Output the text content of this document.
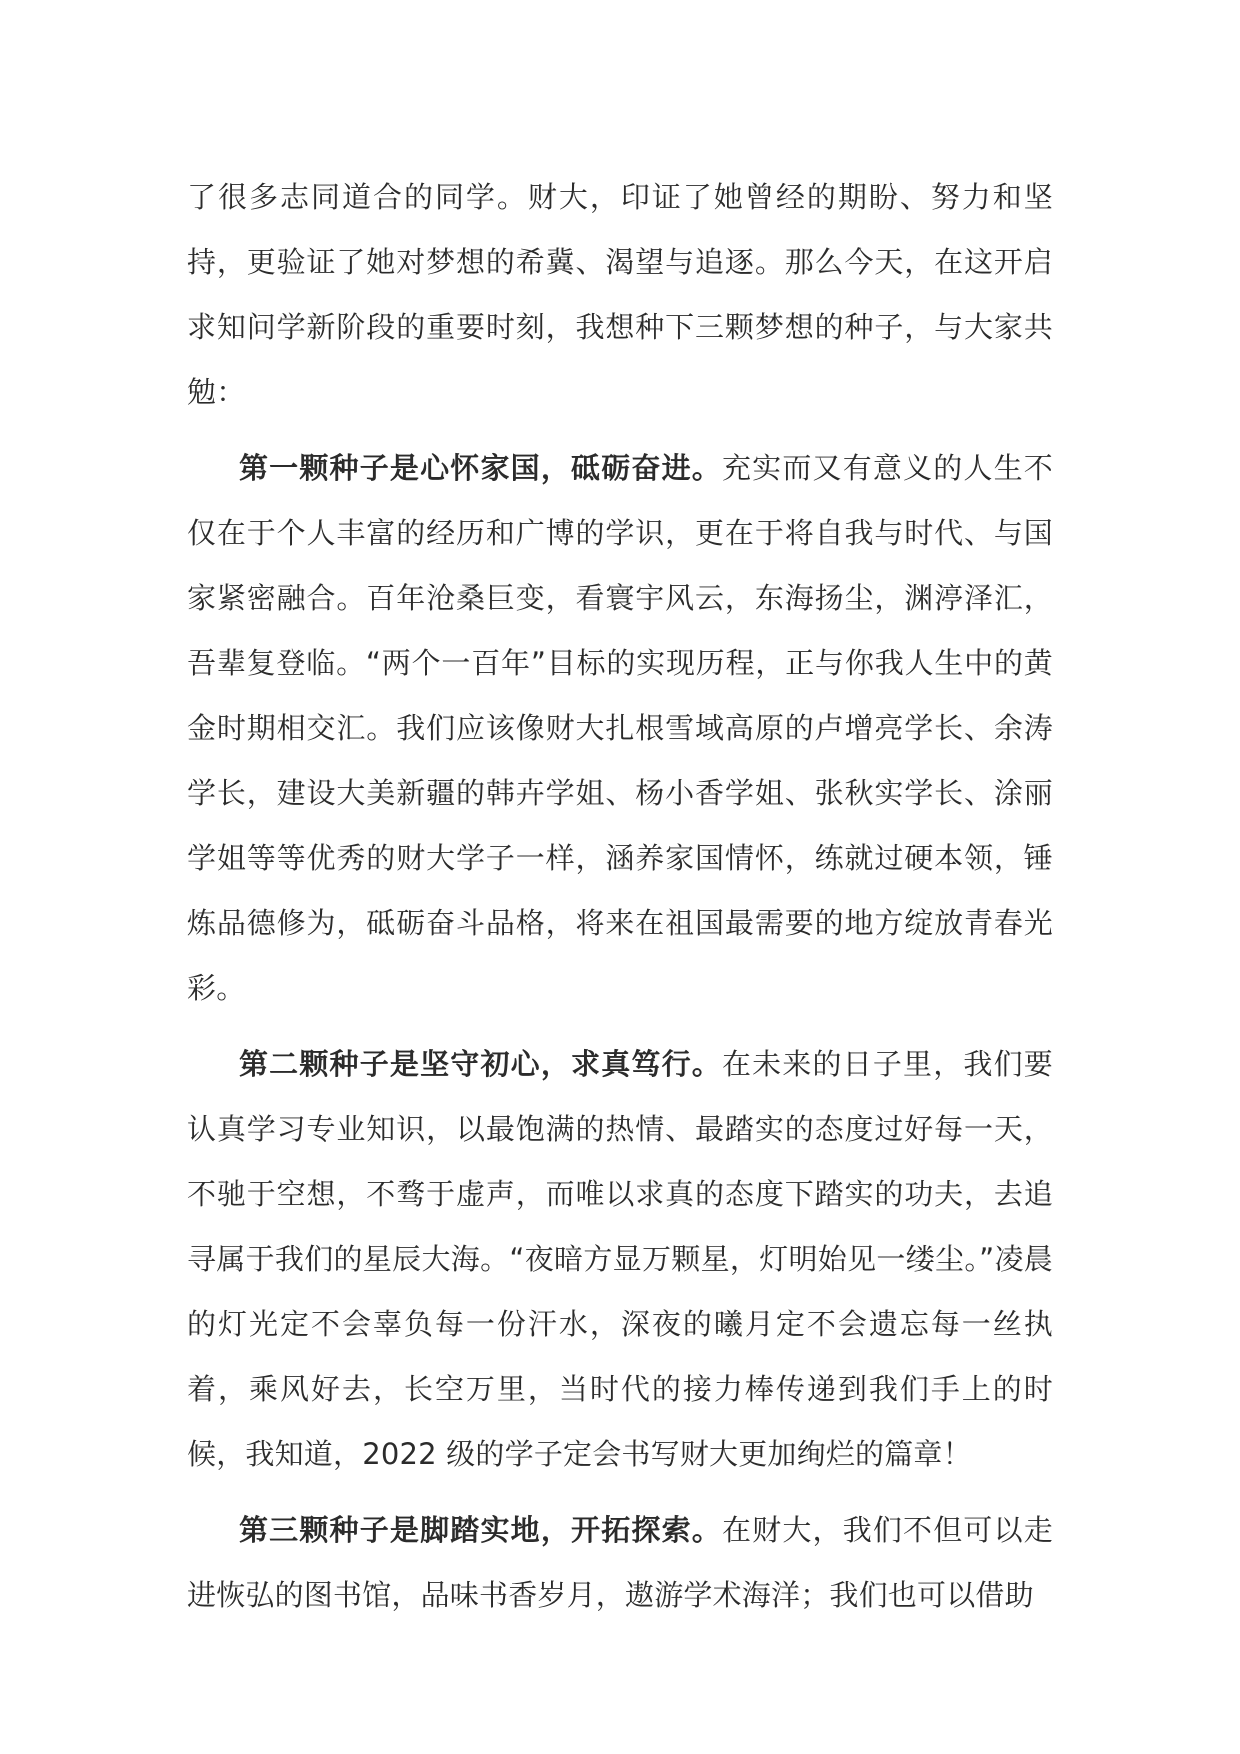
了很多志同道合的同学。财大，印证了她曾经的期盼、努力和坚持，更验证了她对梦想的希冀、渴望与追逐。那么今天，在这开启求知问学新阶段的重要时刻，我想种下三颗梦想的种子，与大家共勉：

第一颗种子是心怀家国，砥砺奋进。充实而又有意义的人生不仅在于个人丰富的经历和广博的学识，更在于将自我与时代、与国家紧密融合。百年沧桑巨变，看寰宇风云，东海扬尘，渊渟泽汇，吾辈复登临。“两个一百年”目标的实现历程，正与你我人生中的黄金时期相交汇。我们应该像财大扎根雪域高原的卢增亮学长、余涛学长，建设大美新疆的韩卉学姐、杨小香学姐、张秋实学长、涂丽学姐等等优秀的财大学子一样，涵养家国情怀，练就过硬本领，锤炼品德修为，砥砺奋斗品格，将来在祖国最需要的地方绽放青春光彩。

第二颗种子是坚守初心，求真笃行。在未来的日子里，我们要认真学习专业知识，以最饱满的热情、最踏实的态度过好每一天，不驰于空想，不骛于虚声，而唯以求真的态度下踏实的功夫，去追寻属于我们的星辰大海。“夜暗方显万颗星，灯明始见一缕尘。”凌晨的灯光定不会辜负每一份汗水，深夜的曦月定不会遗忘每一丝执着，乘风好去，长空万里，当时代的接力棒传递到我们手上的时候，我知道，2022 级的学子定会书写财大更加绚烂的篇章！

第三颗种子是脚踏实地，开拓探索。在财大，我们不但可以走进恢弘的图书馆，品味书香岁月，遨游学术海洋；我们也可以借助
